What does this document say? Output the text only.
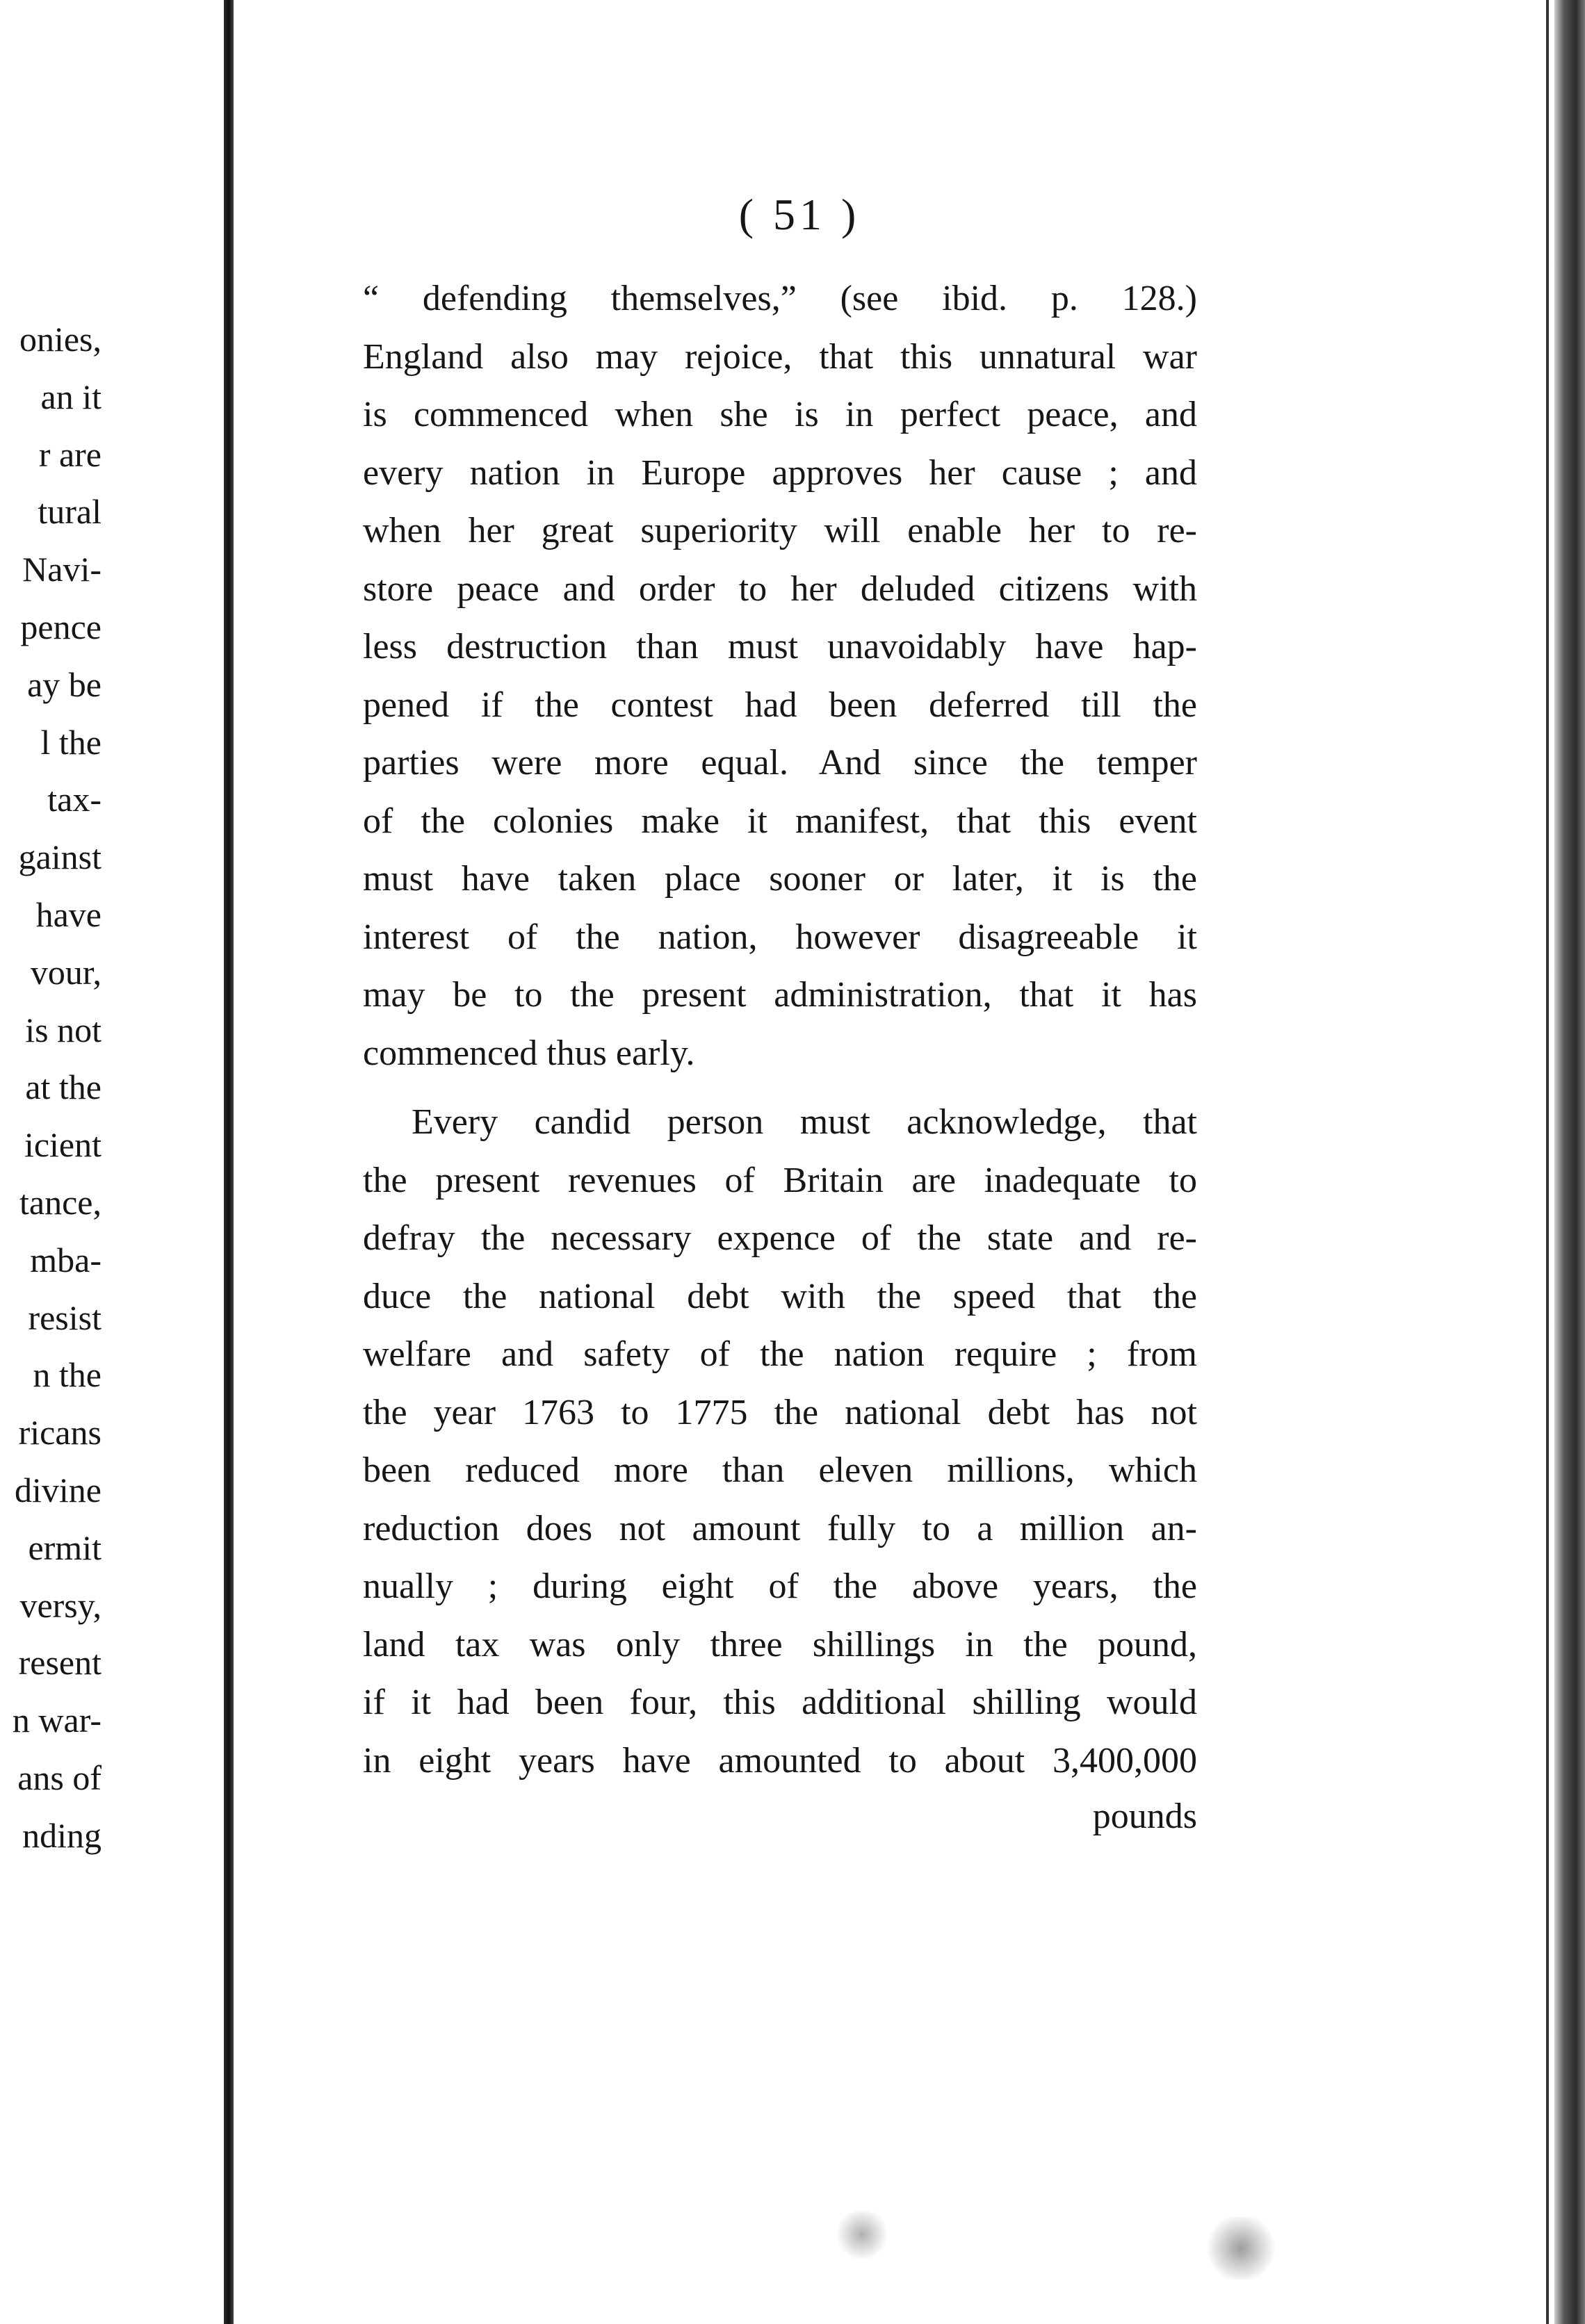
onies,
an it
r are
tural
Navi-
pence
ay be
l the
tax-
gainst
have
vour,
is not
at the
icient
tance,
mba-
resist
n the
ricans
divine
ermit
versy,
resent
n war-
ans of
nding
( 51 )
“ defending themselves,” (see ibid. p. 128.)
England also may rejoice, that this unnatural war
is commenced when she is in perfect peace, and
every nation in Europe approves her cause ; and
when her great superiority will enable her to re-
store peace and order to her deluded citizens with
less destruction than must unavoidably have hap-
pened if the contest had been deferred till the
parties were more equal. And since the temper
of the colonies make it manifest, that this event
must have taken place sooner or later, it is the
interest of the nation, however disagreeable it
may be to the present administration, that it has
commenced thus early.
Every candid person must acknowledge, that
the present revenues of Britain are inadequate to
defray the necessary expence of the state and re-
duce the national debt with the speed that the
welfare and safety of the nation require ; from
the year 1763 to 1775 the national debt has not
been reduced more than eleven millions, which
reduction does not amount fully to a million an-
nually ; during eight of the above years, the
land tax was only three shillings in the pound,
if it had been four, this additional shilling would
in eight years have amounted to about 3,400,000
pounds
